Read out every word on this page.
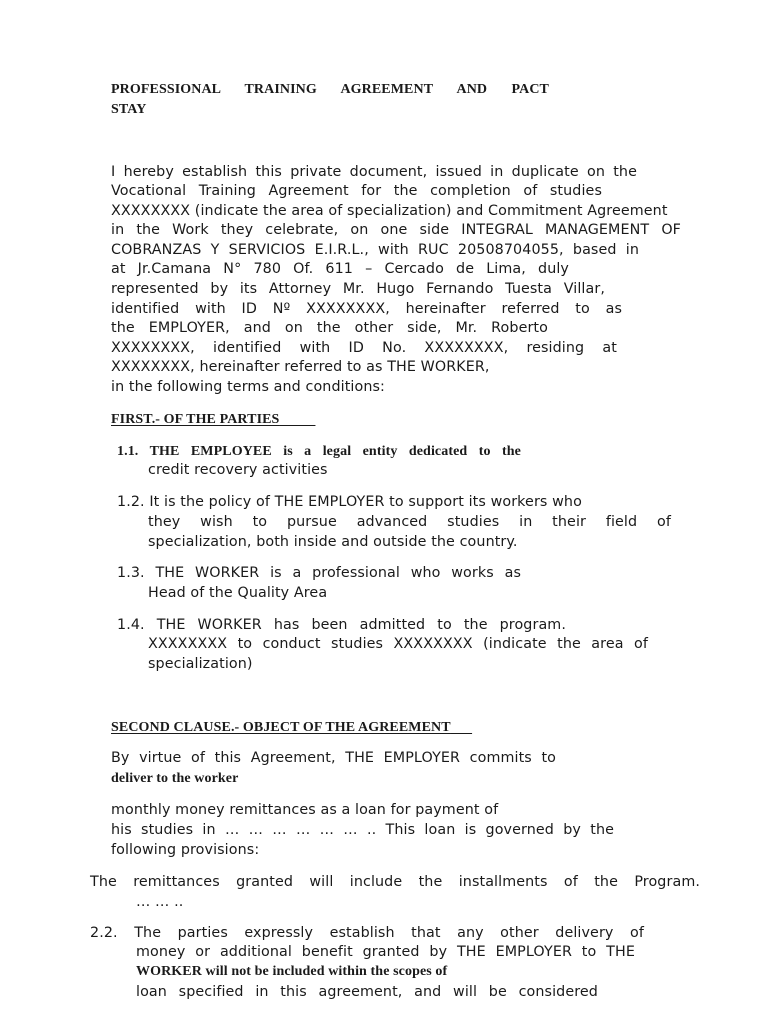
PROFESSIONAL TRAINING AGREEMENT AND PACT
STAY
I hereby establish this private document, issued in duplicate on the
Vocational Training Agreement for the completion of studies
XXXXXXXX (indicate the area of specialization) and Commitment Agreement
in the Work they celebrate, on one side INTEGRAL MANAGEMENT OF
COBRANZAS Y SERVICIOS E.I.R.L., with RUC 20508704055, based in
at Jr.Camana N° 780 Of. 611 – Cercado de Lima, duly
represented by its Attorney Mr. Hugo Fernando Tuesta Villar,
identified with ID Nº XXXXXXXX, hereinafter referred to as
the EMPLOYER, and on the other side, Mr. Roberto
XXXXXXXX, identified with ID No. XXXXXXXX, residing at
XXXXXXXX, hereinafter referred to as THE WORKER,
in the following terms and conditions:
FIRST.- OF THE PARTIES
1.1. THE EMPLOYEE is a legal entity dedicated to the
credit recovery activities
1.2. It is the policy of THE EMPLOYER to support its workers who
they wish to pursue advanced studies in their field of
specialization, both inside and outside the country.
1.3. THE WORKER is a professional who works as
Head of the Quality Area
1.4. THE WORKER has been admitted to the program.
XXXXXXXX to conduct studies XXXXXXXX (indicate the area of
specialization)
SECOND CLAUSE.- OBJECT OF THE AGREEMENT
By virtue of this Agreement, THE EMPLOYER commits to
deliver to the worker
monthly money remittances as a loan for payment of
his studies in … … … … … … .. This loan is governed by the
following provisions:
The remittances granted will include the installments of the Program.
… … ..
2.2. The parties expressly establish that any other delivery of
money or additional benefit granted by THE EMPLOYER to THE
WORKER will not be included within the scopes of
loan specified in this agreement, and will be considered
